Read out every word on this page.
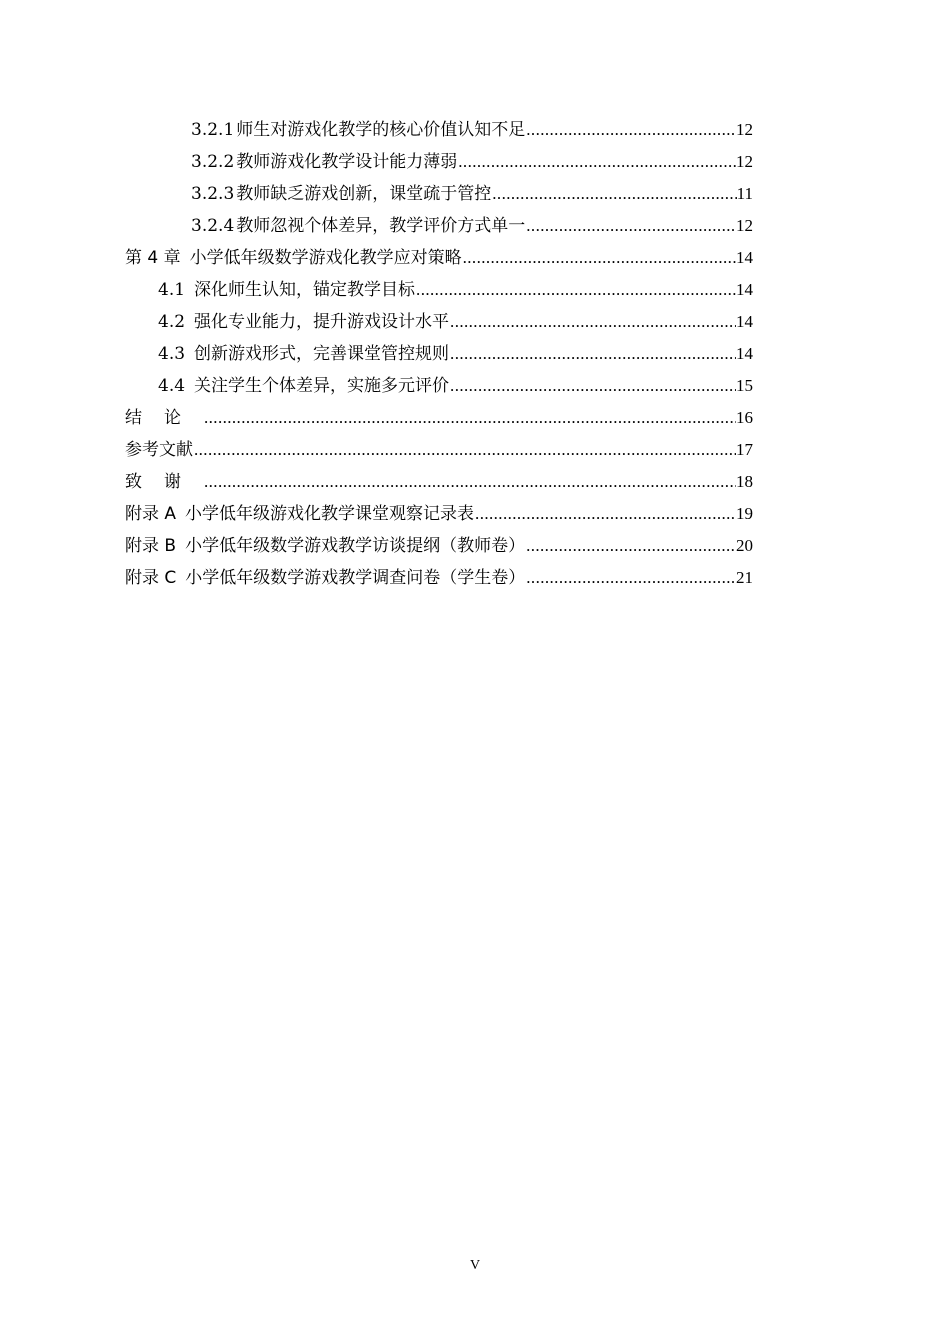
3.2.1 师生对游戏化教学的核心价值认知不足 .....	12
3.2.2 教师游戏化教学设计能力薄弱 .....	12
3.2.3 教师缺乏游戏创新，课堂疏于管控 .....	11
3.2.4 教师忽视个体差异，教学评价方式单一 .....	12
第 4 章 小学低年级数学游戏化教学应对策略 .....	14
4.1 深化师生认知，锚定教学目标 .....	14
4.2 强化专业能力，提升游戏设计水平 .....	14
4.3 创新游戏形式，完善课堂管控规则 .....	14
4.4 关注学生个体差异，实施多元评价 .....	15
结论 .....	16
参考文献 .....	17
致谢 .....	18
附录 A 小学低年级游戏化教学课堂观察记录表 .....	19
附录 B 小学低年级数学游戏教学访谈提纲（教师卷） .....	20
附录 C 小学低年级数学游戏教学调查问卷（学生卷） .....	21
V
